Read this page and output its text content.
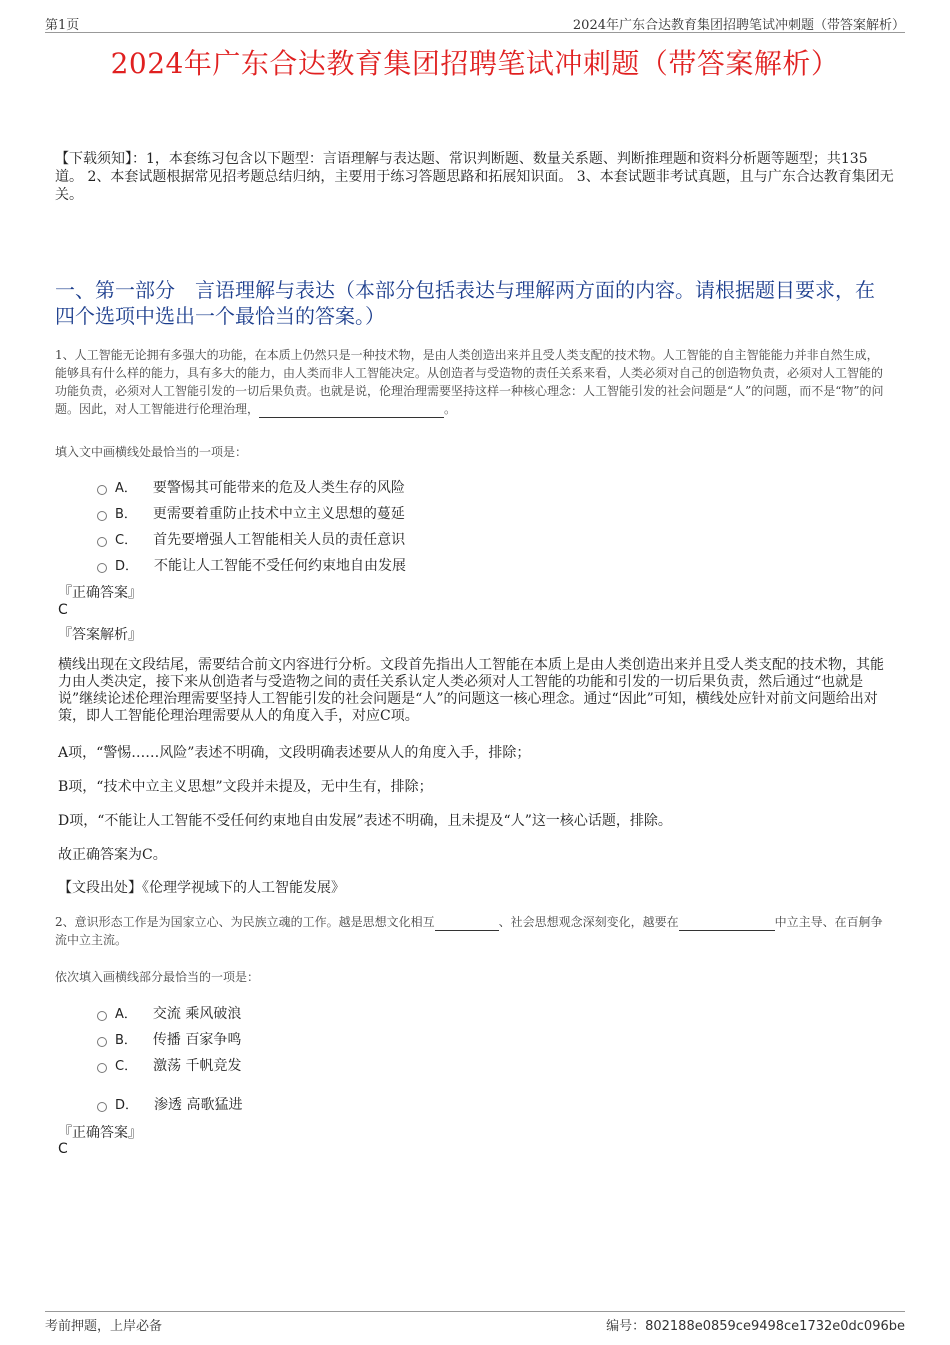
第1页	2024年广东合达教育集团招聘笔试冲刺题（带答案解析）
2024年广东合达教育集团招聘笔试冲刺题（带答案解析）
【下载须知】：1，本套练习包含以下题型：言语理解与表达题、常识判断题、数量关系题、判断推理题和资料分析题等题型；共135道。 2、本套试题根据常见招考题总结归纳，主要用于练习答题思路和拓展知识面。 3、本套试题非考试真题，且与广东合达教育集团无关。
一、第一部分　言语理解与表达（本部分包括表达与理解两方面的内容。请根据题目要求，在四个选项中选出一个最恰当的答案。）
1、人工智能无论拥有多强大的功能，在本质上仍然只是一种技术物，是由人类创造出来并且受人类支配的技术物。人工智能的自主智能能力并非自然生成，能够具有什么样的能力，具有多大的能力，由人类而非人工智能决定。从创造者与受造物的责任关系来看，人类必须对自己的创造物负责，必须对人工智能的功能负责，必须对人工智能引发的一切后果负责。也就是说，伦理治理需要坚持这样一种核心理念：人工智能引发的社会问题是“人”的问题，而不是“物”的问题。因此，对人工智能进行伦理治理，	。
填入文中画横线处最恰当的一项是：
A． 要警惕其可能带来的危及人类生存的风险
B． 更需要着重防止技术中立主义思想的蔓延
C． 首先要增强人工智能相关人员的责任意识
D． 不能让人工智能不受任何约束地自由发展
『正确答案』
C
『答案解析』
横线出现在文段结尾，需要结合前文内容进行分析。文段首先指出人工智能在本质上是由人类创造出来并且受人类支配的技术物，其能力由人类决定，接下来从创造者与受造物之间的责任关系认定人类必须对人工智能的功能和引发的一切后果负责，然后通过“也就是说”继续论述伦理治理需要坚持人工智能引发的社会问题是“人”的问题这一核心理念。通过“因此”可知，横线处应针对前文问题给出对策，即人工智能伦理治理需要从人的角度入手，对应C项。
A项，“警惕……风险”表述不明确，文段明确表述要从人的角度入手，排除；
B项，“技术中立主义思想”文段并未提及，无中生有，排除；
D项，“不能让人工智能不受任何约束地自由发展”表述不明确，且未提及“人”这一核心话题，排除。
故正确答案为C。
【文段出处】《伦理学视域下的人工智能发展》
2、意识形态工作是为国家立心、为民族立魂的工作。越是思想文化相互	、社会思想观念深刻变化，越要在	中立主导、在百舸争流中立主流。
依次填入画横线部分最恰当的一项是：
A． 交流 乘风破浪
B． 传播 百家争鸣
C． 激荡 千帆竞发
D． 渗透 高歌猛进
『正确答案』
C
考前押题，上岸必备	编号：802188e0859ce9498ce1732e0dc096be
